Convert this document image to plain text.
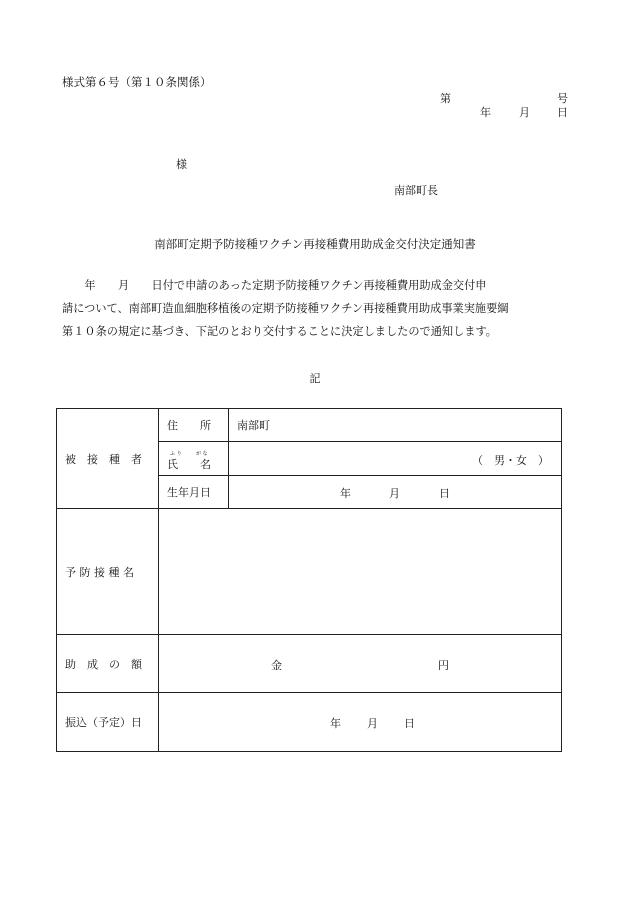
様式第６号（第１０条関係）
第	号
年	月 日
様
南部町長
南部町定期予防接種ワクチン再接種費用助成金交付決定通知書
　　年　　月　　日付で申請のあった定期予防接種ワクチン再接種費用助成金交付申
請について、南部町造血細胞移植後の定期予防接種ワクチン再接種費用助成事業実施要綱
第１０条の規定に基づき、下記のとおり交付することに決定しましたので通知します。
記
被　接　種　者	住　　所	南部町

	ふ り が な
氏　　名	（　男・女　）

	生年月日	年 月 日

予 防 接 種 名		
助　成　の　額	金 円	

振込（予定）日	年 月 日	
